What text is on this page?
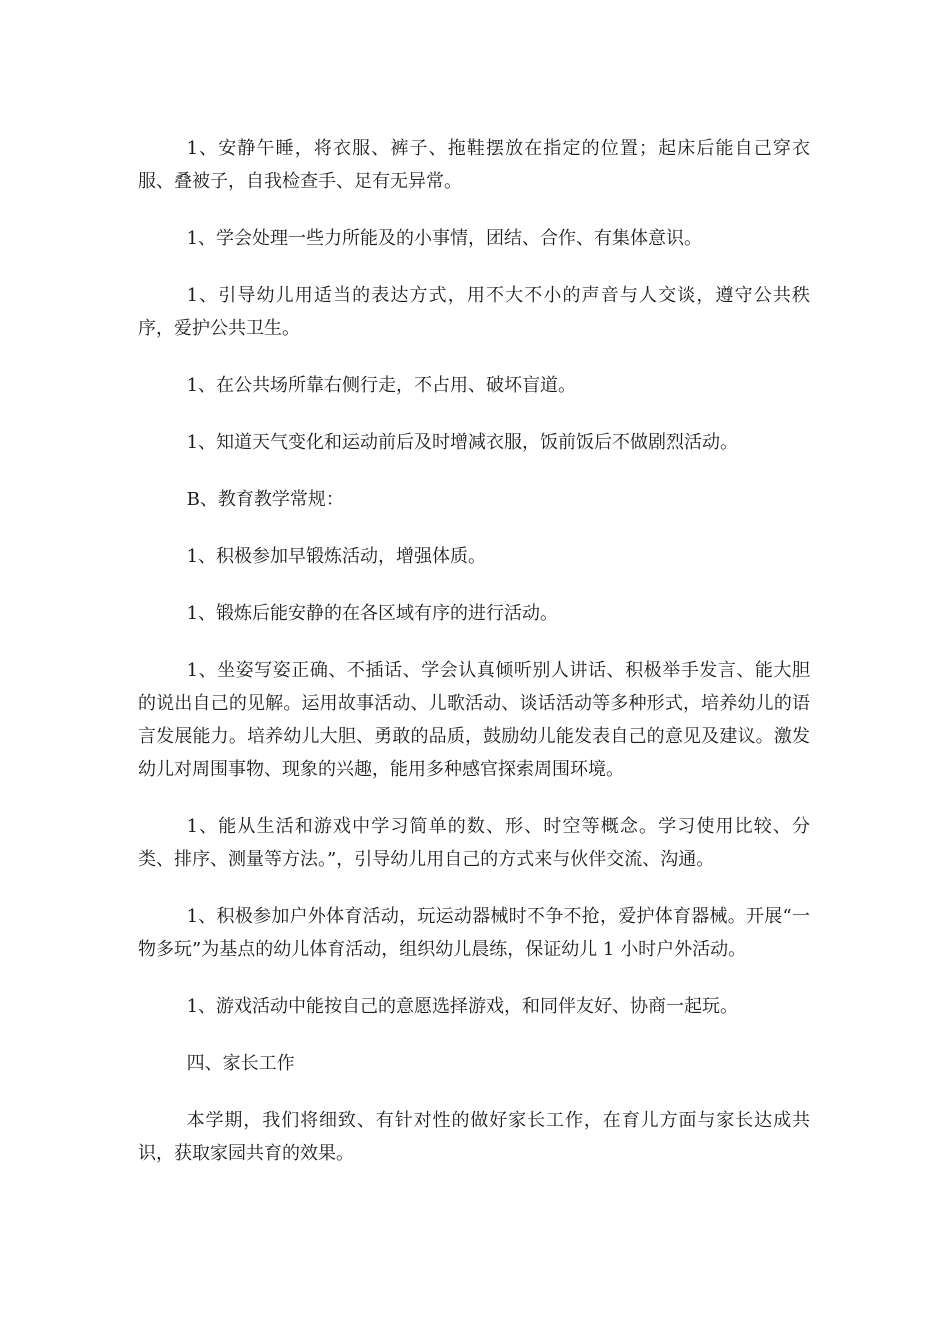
1、安静午睡，将衣服、裤子、拖鞋摆放在指定的位置；起床后能自己穿衣服、叠被子，自我检查手、足有无异常。

1、学会处理一些力所能及的小事情，团结、合作、有集体意识。

1、引导幼儿用适当的表达方式，用不大不小的声音与人交谈，遵守公共秩序，爱护公共卫生。

1、在公共场所靠右侧行走，不占用、破坏盲道。

1、知道天气变化和运动前后及时增减衣服，饭前饭后不做剧烈活动。

B、教育教学常规：

1、积极参加早锻炼活动，增强体质。

1、锻炼后能安静的在各区域有序的进行活动。

1、坐姿写姿正确、不插话、学会认真倾听别人讲话、积极举手发言、能大胆的说出自己的见解。运用故事活动、儿歌活动、谈话活动等多种形式，培养幼儿的语言发展能力。培养幼儿大胆、勇敢的品质，鼓励幼儿能发表自己的意见及建议。激发幼儿对周围事物、现象的兴趣，能用多种感官探索周围环境。

1、能从生活和游戏中学习简单的数、形、时空等概念。学习使用比较、分类、排序、测量等方法。”，引导幼儿用自己的方式来与伙伴交流、沟通。

1、积极参加户外体育活动，玩运动器械时不争不抢，爱护体育器械。开展“一物多玩”为基点的幼儿体育活动，组织幼儿晨练，保证幼儿 1 小时户外活动。

1、游戏活动中能按自己的意愿选择游戏，和同伴友好、协商一起玩。

四、家长工作

本学期，我们将细致、有针对性的做好家长工作，在育儿方面与家长达成共识，获取家园共育的效果。
